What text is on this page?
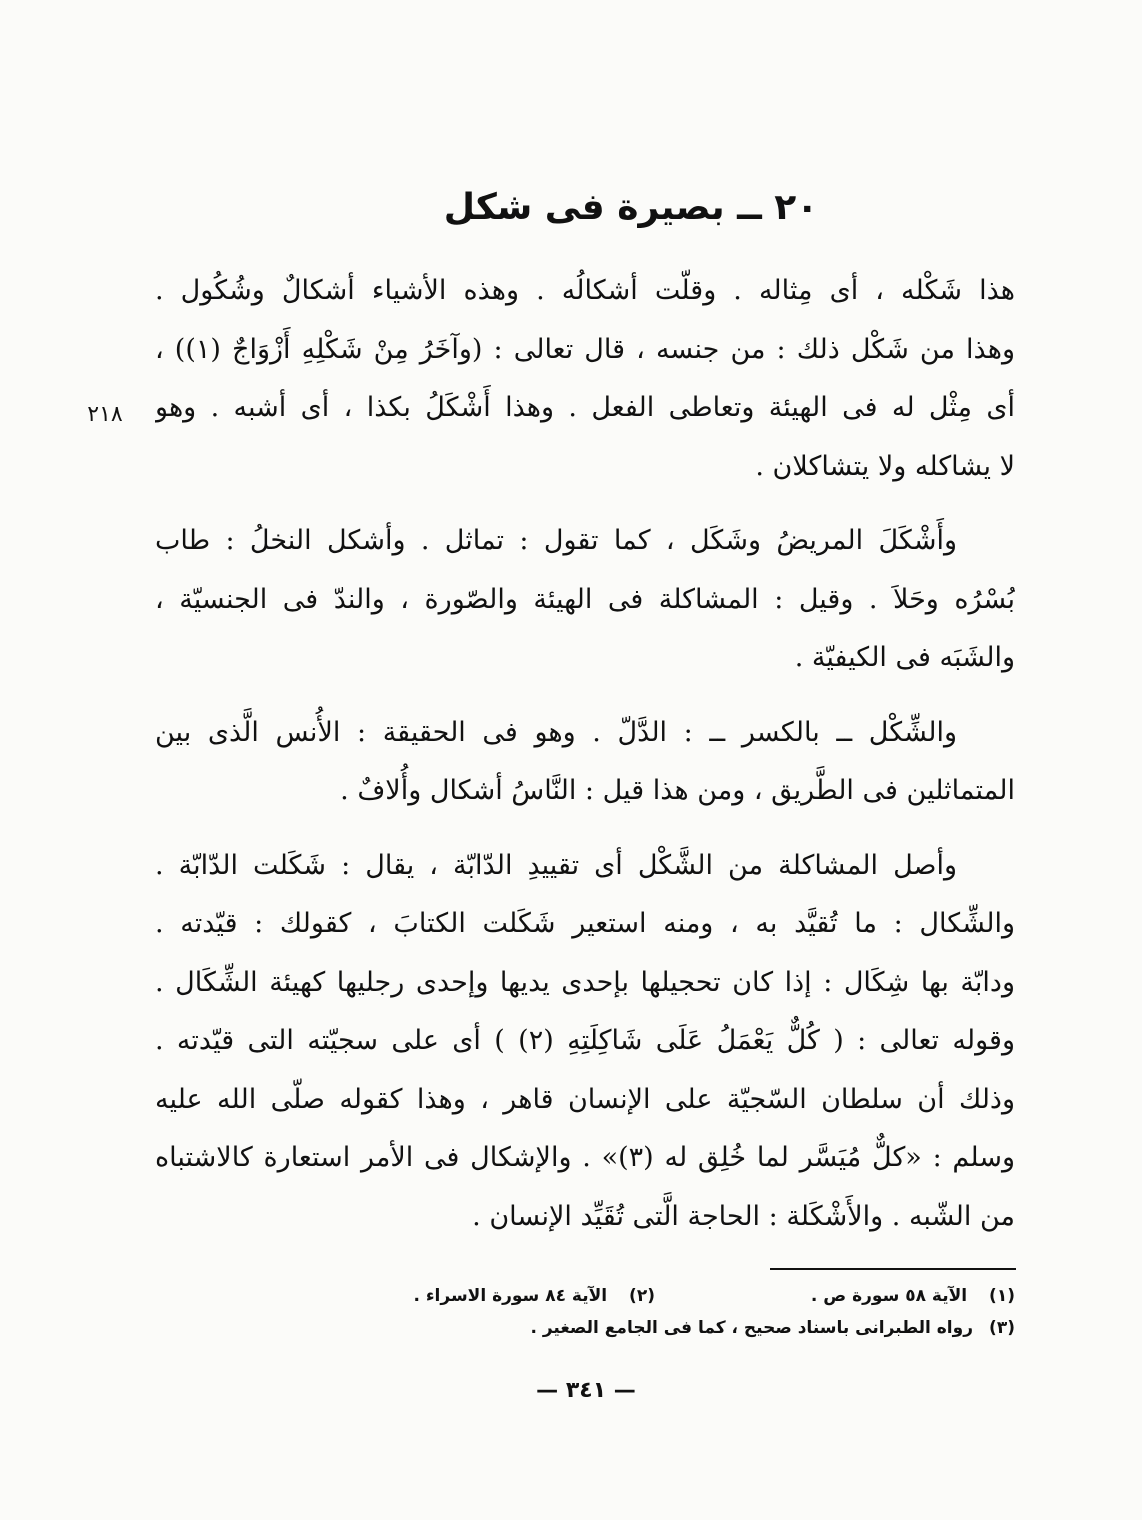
٢٠ ــ بصيرة فى شكل
٢١٨
هذا شَكْله ، أى مِثاله . وقلّت أشكالُه . وهذه الأشياء أشكالٌ وشُكُول .
وهذا من شَكْل ذلك : من جنسه ، قال تعالى : (وآخَرُ مِنْ شَكْلِهِ أَزْوَاجٌ (١)) ،
أى مِثْل له فى الهيئة وتعاطى الفعل . وهذا أَشْكَلُ بكذا ، أى أشبه . وهو
لا يشاكله ولا يتشاكلان .
وأَشْكَلَ المريضُ وشَكَل ، كما تقول : تماثل . وأشكل النخلُ : طاب
بُسْرُه وحَلاَ . وقيل : المشاكلة فى الهيئة والصّورة ، والندّ فى الجنسيّة ،
والشَبَه فى الكيفيّة .
والشِّكْل ــ بالكسر ــ : الدَّلّ . وهو فى الحقيقة : الأُنس الَّذى بين
المتماثلين فى الطَّريق ، ومن هذا قيل : النَّاسُ أشكال وأُلافٌ .
وأصل المشاكلة من الشَّكْل أى تقييدِ الدّابّة ، يقال : شَكَلت الدّابّة .
والشِّكال : ما تُقيَّد به ، ومنه استعير شَكَلت الكتابَ ، كقولك : قيّدته .
ودابّة بها شِكَال : إذا كان تحجيلها بإحدى يديها وإحدى رجليها كهيئة الشِّكَال .
وقوله تعالى : ( كُلٌّ يَعْمَلُ عَلَى شَاكِلَتِهِ (٢) ) أى على سجيّته التى قيّدته .
وذلك أن سلطان السّجيّة على الإنسان قاهر ، وهذا كقوله صلّى الله عليه
وسلم : «كلٌّ مُيَسَّر لما خُلِق له (٣)» . والإشكال فى الأمر استعارة كالاشتباه
من الشّبه . والأَشْكَلة : الحاجة الَّتى تُقَيِّد الإنسان .
(١) الآية ٥٨ سورة ص .
(٢) الآية ٨٤ سورة الاسراء .
(٣)
رواه الطبرانى باسناد صحيح ، كما فى الجامع الصغير .
— ٣٤١ —
